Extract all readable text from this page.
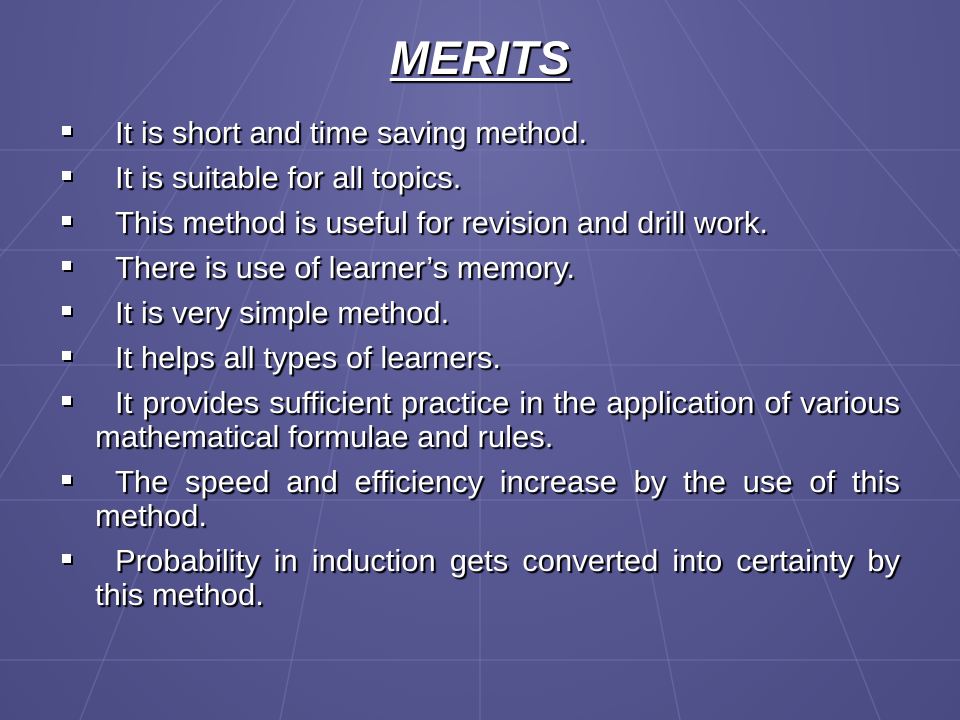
MERITS
It is short and time saving method.
It is suitable for all topics.
This method is useful for revision and drill work.
There is use of learner’s memory.
It is very simple method.
It helps all types of learners.
It provides sufficient practice in the application of various mathematical formulae and rules.
The speed and efficiency increase by the use of this method.
Probability in induction gets converted into certainty by this method.
